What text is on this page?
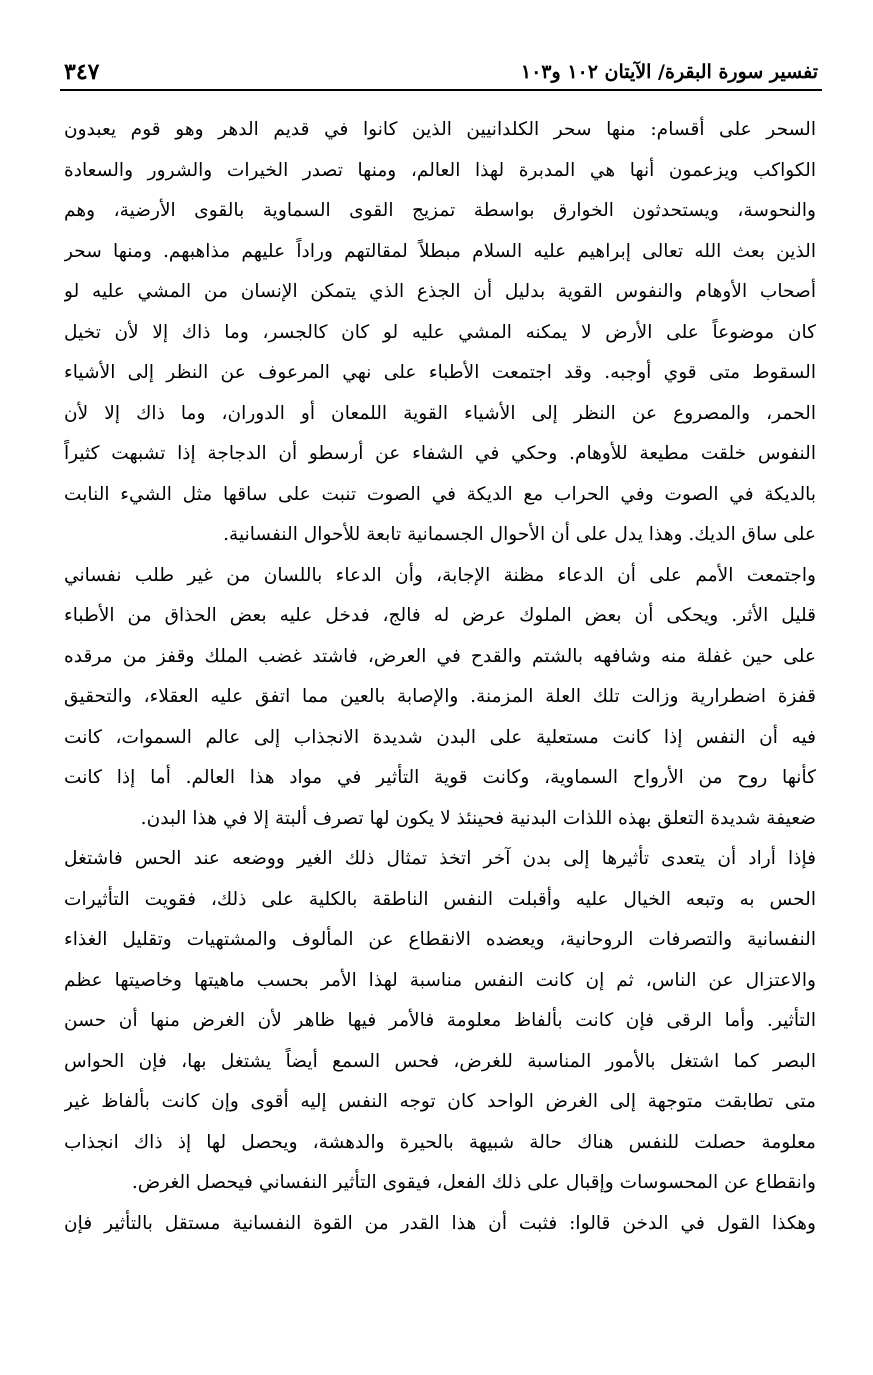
تفسير سورة البقرة/ الآيتان ١٠٢ و١٠٣
٣٤٧
السحر على أقسام: منها سحر الكلدانيين الذين كانوا في قديم الدهر وهو قوم يعبدون
الكواكب ويزعمون أنها هي المدبرة لهذا العالم، ومنها تصدر الخيرات والشرور والسعادة
والنحوسة، ويستحدثون الخوارق بواسطة تمزيج القوى السماوية بالقوى الأرضية، وهم
الذين بعث الله تعالى إبراهيم عليه السلام مبطلاً لمقالتهم وراداً عليهم مذاهبهم. ومنها سحر
أصحاب الأوهام والنفوس القوية بدليل أن الجذع الذي يتمكن الإنسان من المشي عليه لو
كان موضوعاً على الأرض لا يمكنه المشي عليه لو كان كالجسر، وما ذاك إلا لأن تخيل
السقوط متى قوي أوجبه. وقد اجتمعت الأطباء على نهي المرعوف عن النظر إلى الأشياء
الحمر، والمصروع عن النظر إلى الأشياء القوية اللمعان أو الدوران، وما ذاك إلا لأن
النفوس خلقت مطيعة للأوهام. وحكي في الشفاء عن أرسطو أن الدجاجة إذا تشبهت كثيراً
بالديكة في الصوت وفي الحراب مع الديكة في الصوت تنبت على ساقها مثل الشيء النابت
على ساق الديك. وهذا يدل على أن الأحوال الجسمانية تابعة للأحوال النفسانية.
واجتمعت الأمم على أن الدعاء مظنة الإجابة، وأن الدعاء باللسان من غير طلب نفساني
قليل الأثر. ويحكى أن بعض الملوك عرض له فالج، فدخل عليه بعض الحذاق من الأطباء
على حين غفلة منه وشافهه بالشتم والقدح في العرض، فاشتد غضب الملك وقفز من مرقده
قفزة اضطرارية وزالت تلك العلة المزمنة. والإصابة بالعين مما اتفق عليه العقلاء، والتحقيق
فيه أن النفس إذا كانت مستعلية على البدن شديدة الانجذاب إلى عالم السموات، كانت
كأنها روح من الأرواح السماوية، وكانت قوية التأثير في مواد هذا العالم. أما إذا كانت
ضعيفة شديدة التعلق بهذه اللذات البدنية فحينئذ لا يكون لها تصرف ألبتة إلا في هذا البدن.
فإذا أراد أن يتعدى تأثيرها إلى بدن آخر اتخذ تمثال ذلك الغير ووضعه عند الحس فاشتغل
الحس به وتبعه الخيال عليه وأقبلت النفس الناطقة بالكلية على ذلك، فقويت التأثيرات
النفسانية والتصرفات الروحانية، ويعضده الانقطاع عن المألوف والمشتهيات وتقليل الغذاء
والاعتزال عن الناس، ثم إن كانت النفس مناسبة لهذا الأمر بحسب ماهيتها وخاصيتها عظم
التأثير. وأما الرقى فإن كانت بألفاظ معلومة فالأمر فيها ظاهر لأن الغرض منها أن حسن
البصر كما اشتغل بالأمور المناسبة للغرض، فحس السمع أيضاً يشتغل بها، فإن الحواس
متى تطابقت متوجهة إلى الغرض الواحد كان توجه النفس إليه أقوى وإن كانت بألفاظ غير
معلومة حصلت للنفس هناك حالة شبيهة بالحيرة والدهشة، ويحصل لها إذ ذاك انجذاب
وانقطاع عن المحسوسات وإقبال على ذلك الفعل، فيقوى التأثير النفساني فيحصل الغرض.
وهكذا القول في الدخن قالوا: فثبت أن هذا القدر من القوة النفسانية مستقل بالتأثير فإن
